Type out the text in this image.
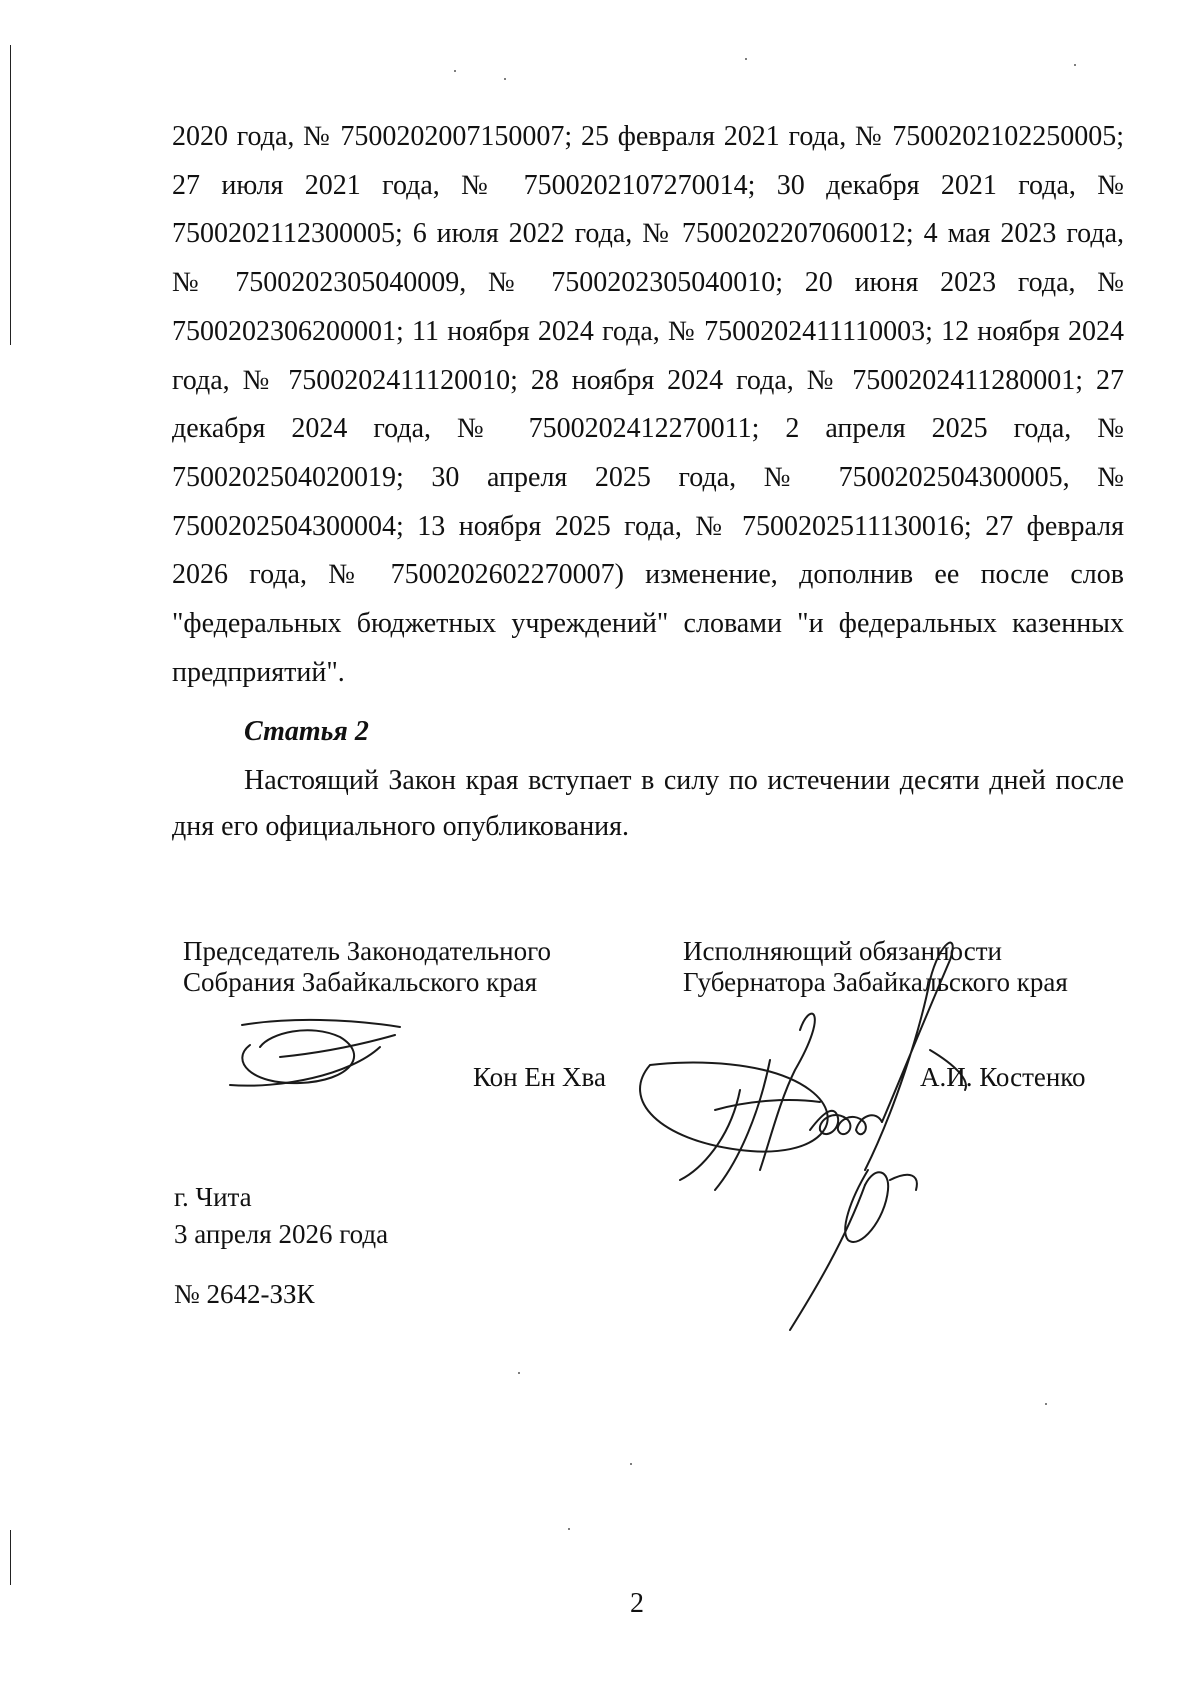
2020 года, № 7500202007150007; 25 февраля 2021 года, № 7500202102250005; 27 июля 2021 года, № 7500202107270014; 30 декабря 2021 года, № 7500202112300005; 6 июля 2022 года, № 7500202207060012; 4 мая 2023 года, № 7500202305040009, № 7500202305040010; 20 июня 2023 года, № 7500202306200001; 11 ноября 2024 года, № 7500202411110003; 12 ноября 2024 года, № 7500202411120010; 28 ноября 2024 года, № 7500202411280001; 27 декабря 2024 года, № 7500202412270011; 2 апреля 2025 года, № 7500202504020019; 30 апреля 2025 года, № 7500202504300005, № 7500202504300004; 13 ноября 2025 года, № 7500202511130016; 27 февраля 2026 года, № 7500202602270007) изменение, дополнив ее после слов "федеральных бюджетных учреждений" словами "и федеральных казенных предприятий".
Статья 2
Настоящий Закон края вступает в силу по истечении десяти дней после дня его официального опубликования.
Председатель Законодательного
Собрания Забайкальского края
Исполняющий обязанности
Губернатора Забайкальского края
Кон Ен Хва	А.И. Костенко
г. Чита
3 апреля 2026 года
№ 2642-ЗЗК
2
